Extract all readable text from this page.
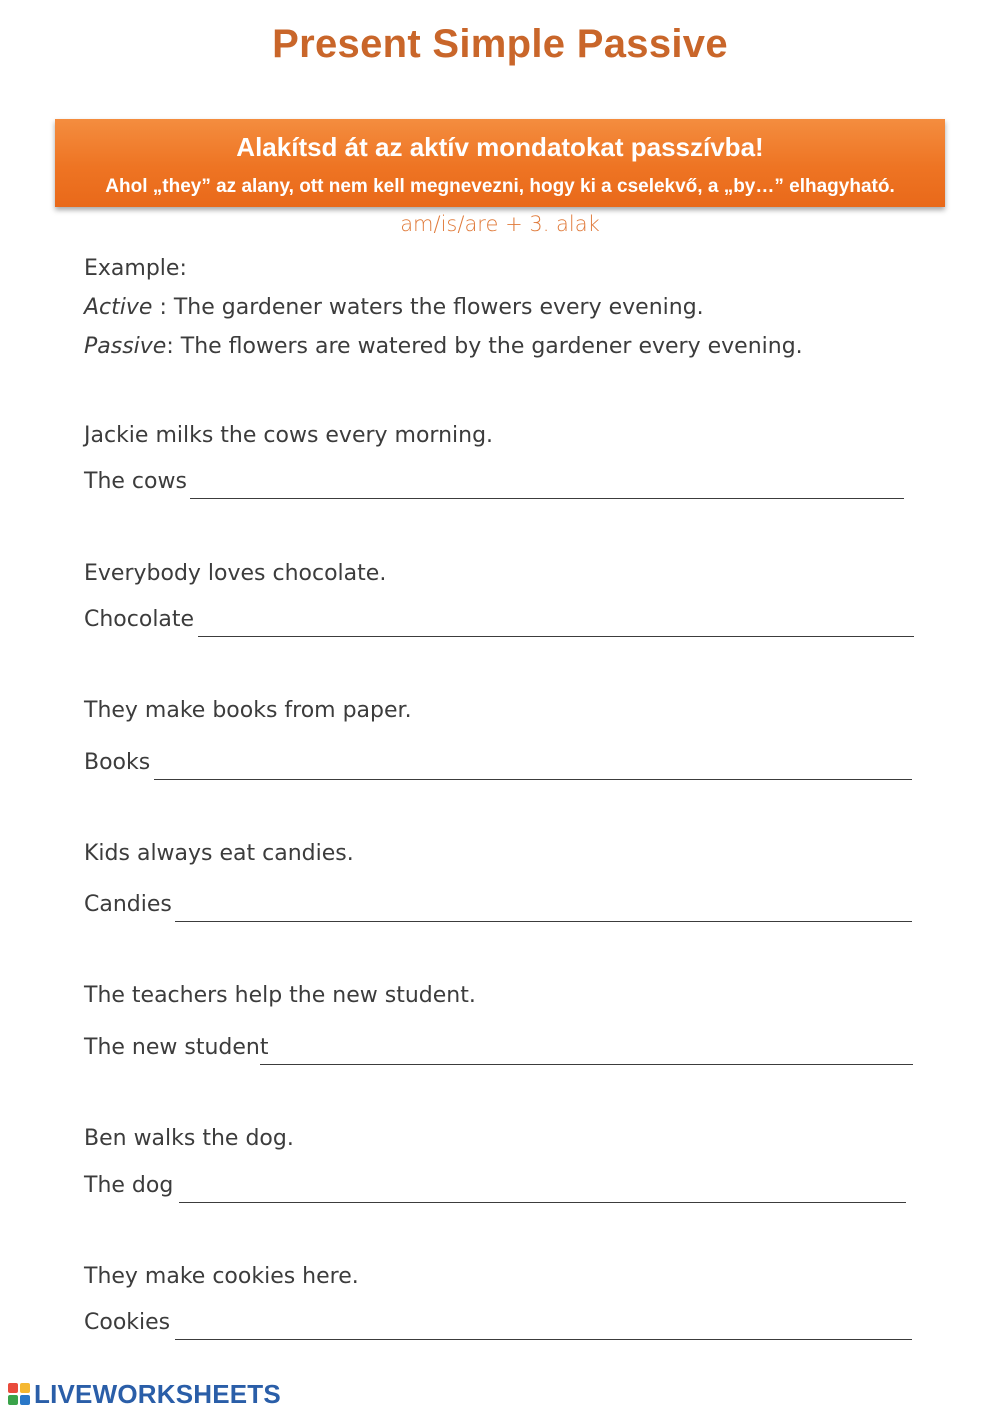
Present Simple Passive
Alakítsd át az aktív mondatokat passzívba!
Ahol „they” az alany, ott nem kell megnevezni, hogy ki a cselekvő, a „by…” elhagyható.
am/is/are + 3. alak
Example:
Active : The gardener waters the flowers every evening.
Passive: The flowers are watered by the gardener every evening.
Jackie milks the cows every morning.
The cows
Everybody loves chocolate.
Chocolate
They make books from paper.
Books
Kids always eat candies.
Candies
The teachers help the new student.
The new student
Ben walks the dog.
The dog
They make cookies here.
Cookies
LIVEWORKSHEETS
